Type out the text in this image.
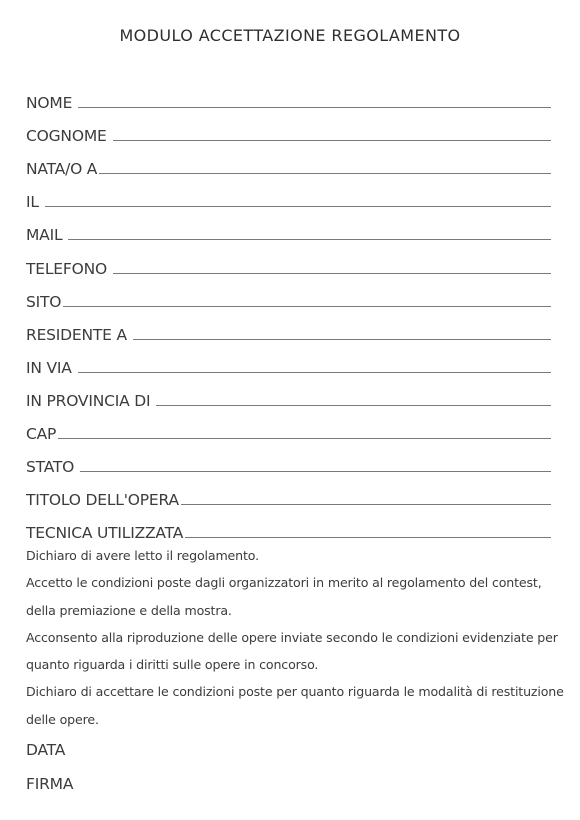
MODULO ACCETTAZIONE REGOLAMENTO
NOME
COGNOME
NATA/O A
IL
MAIL
TELEFONO
SITO
RESIDENTE A
IN VIA
IN PROVINCIA DI
CAP
STATO
TITOLO DELL'OPERA
TECNICA UTILIZZATA

Dichiaro di avere letto il regolamento.

Accetto le condizioni poste dagli organizzatori in merito al regolamento del contest, della premiazione e della mostra.

Acconsento alla riproduzione delle opere inviate secondo le condizioni evidenziate per quanto riguarda i diritti sulle opere in concorso.

Dichiaro di accettare le condizioni poste per quanto riguarda le modalità di restituzione delle opere.

DATA
FIRMA
